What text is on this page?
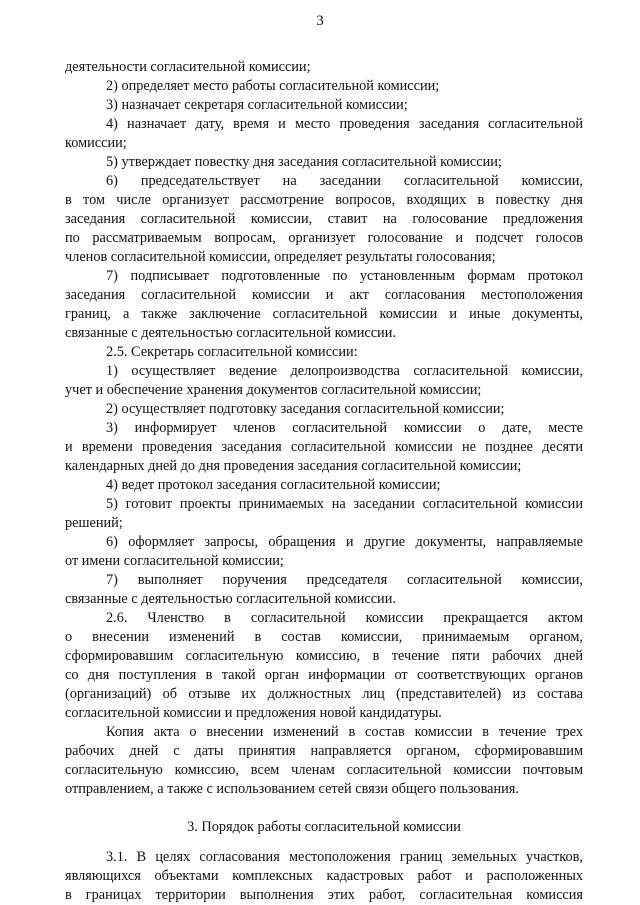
3
деятельности согласительной комиссии;
2) определяет место работы согласительной комиссии;
3) назначает секретаря согласительной комиссии;
4) назначает дату, время и место проведения заседания согласительной
комиссии;
5) утверждает повестку дня заседания согласительной комиссии;
6) председательствует на заседании согласительной комиссии,
в том числе организует рассмотрение вопросов, входящих в повестку дня
заседания согласительной комиссии, ставит на голосование предложения
по рассматриваемым вопросам, организует голосование и подсчет голосов
членов согласительной комиссии, определяет результаты голосования;
7) подписывает подготовленные по установленным формам протокол
заседания согласительной комиссии и акт согласования местоположения
границ, а также заключение согласительной комиссии и иные документы,
связанные с деятельностью согласительной комиссии.
2.5. Секретарь согласительной комиссии:
1) осуществляет ведение делопроизводства согласительной комиссии,
учет и обеспечение хранения документов согласительной комиссии;
2) осуществляет подготовку заседания согласительной комиссии;
3) информирует членов согласительной комиссии о дате, месте
и времени проведения заседания согласительной комиссии не позднее десяти
календарных дней до дня проведения заседания согласительной комиссии;
4) ведет протокол заседания согласительной комиссии;
5) готовит проекты принимаемых на заседании согласительной комиссии
решений;
6) оформляет запросы, обращения и другие документы, направляемые
от имени согласительной комиссии;
7) выполняет поручения председателя согласительной комиссии,
связанные с деятельностью согласительной комиссии.
2.6. Членство в согласительной комиссии прекращается актом
о внесении изменений в состав комиссии, принимаемым органом,
сформировавшим согласительную комиссию, в течение пяти рабочих дней
со дня поступления в такой орган информации от соответствующих органов
(организаций) об отзыве их должностных лиц (представителей) из состава
согласительной комиссии и предложения новой кандидатуры.
Копия акта о внесении изменений в состав комиссии в течение трех
рабочих дней с даты принятия направляется органом, сформировавшим
согласительную комиссию, всем членам согласительной комиссии почтовым
отправлением, а также с использованием сетей связи общего пользования.
3. Порядок работы согласительной комиссии
3.1. В целях согласования местоположения границ земельных участков,
являющихся объектами комплексных кадастровых работ и расположенных
в границах территории выполнения этих работ, согласительная комиссия
